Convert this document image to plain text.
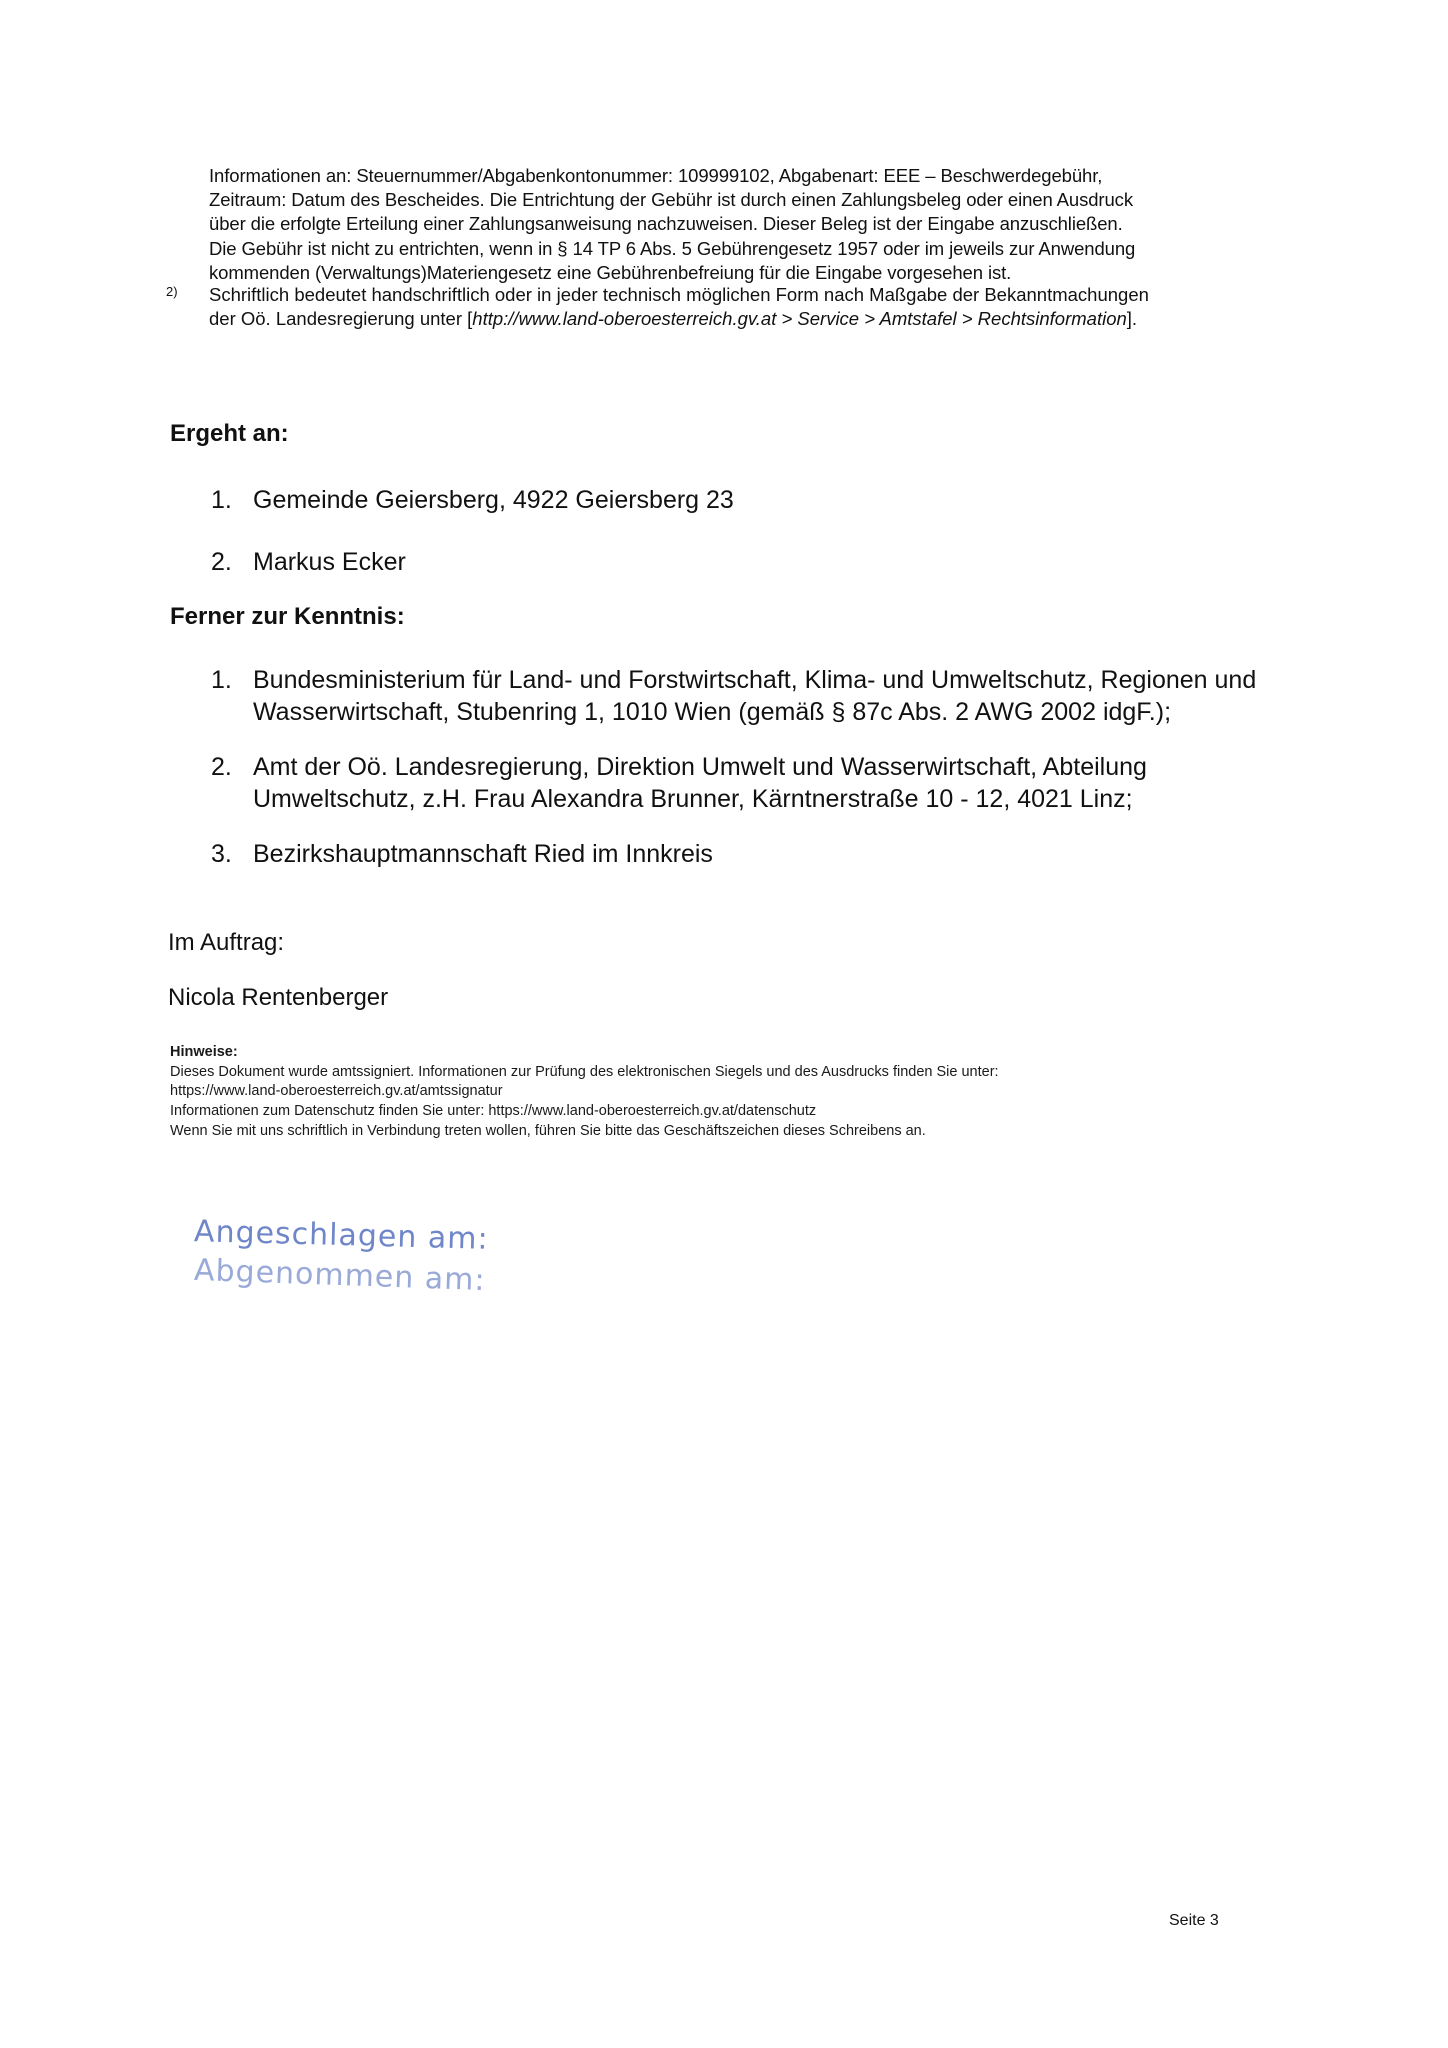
Informationen an: Steuernummer/Abgabenkontonummer: 109999102, Abgabenart: EEE – Beschwerdegebühr,

Zeitraum: Datum des Bescheides. Die Entrichtung der Gebühr ist durch einen Zahlungsbeleg oder einen Ausdruck

über die erfolgte Erteilung einer Zahlungsanweisung nachzuweisen. Dieser Beleg ist der Eingabe anzuschließen.

Die Gebühr ist nicht zu entrichten, wenn in § 14 TP 6 Abs. 5 Gebührengesetz 1957 oder im jeweils zur Anwendung

kommenden (Verwaltungs)Materiengesetz eine Gebührenbefreiung für die Eingabe vorgesehen ist.

2) Schriftlich bedeutet handschriftlich oder in jeder technisch möglichen Form nach Maßgabe der Bekanntmachungen
der Oö. Landesregierung unter [http://www.land-oberoesterreich.gv.at > Service > Amtstafel > Rechtsinformation].
Ergeht an:
1. Gemeinde Geiersberg, 4922 Geiersberg 23
2. Markus Ecker
Ferner zur Kenntnis:
1. Bundesministerium für Land- und Forstwirtschaft, Klima- und Umweltschutz, Regionen und
Wasserwirtschaft, Stubenring 1, 1010 Wien (gemäß § 87c Abs. 2 AWG 2002 idgF.);
2. Amt der Oö. Landesregierung, Direktion Umwelt und Wasserwirtschaft, Abteilung
Umweltschutz, z.H. Frau Alexandra Brunner, Kärntnerstraße 10 - 12, 4021 Linz;
3. Bezirkshauptmannschaft Ried im Innkreis
Im Auftrag:
Nicola Rentenberger

Hinweise:

Dieses Dokument wurde amtssigniert. Informationen zur Prüfung des elektronischen Siegels und des Ausdrucks finden Sie unter:

https://www.land-oberoesterreich.gv.at/amtssignatur

Informationen zum Datenschutz finden Sie unter: https://www.land-oberoesterreich.gv.at/datenschutz

Wenn Sie mit uns schriftlich in Verbindung treten wollen, führen Sie bitte das Geschäftszeichen dieses Schreibens an.

Angeschlagen am:
Abgenommen am:
Seite 3
